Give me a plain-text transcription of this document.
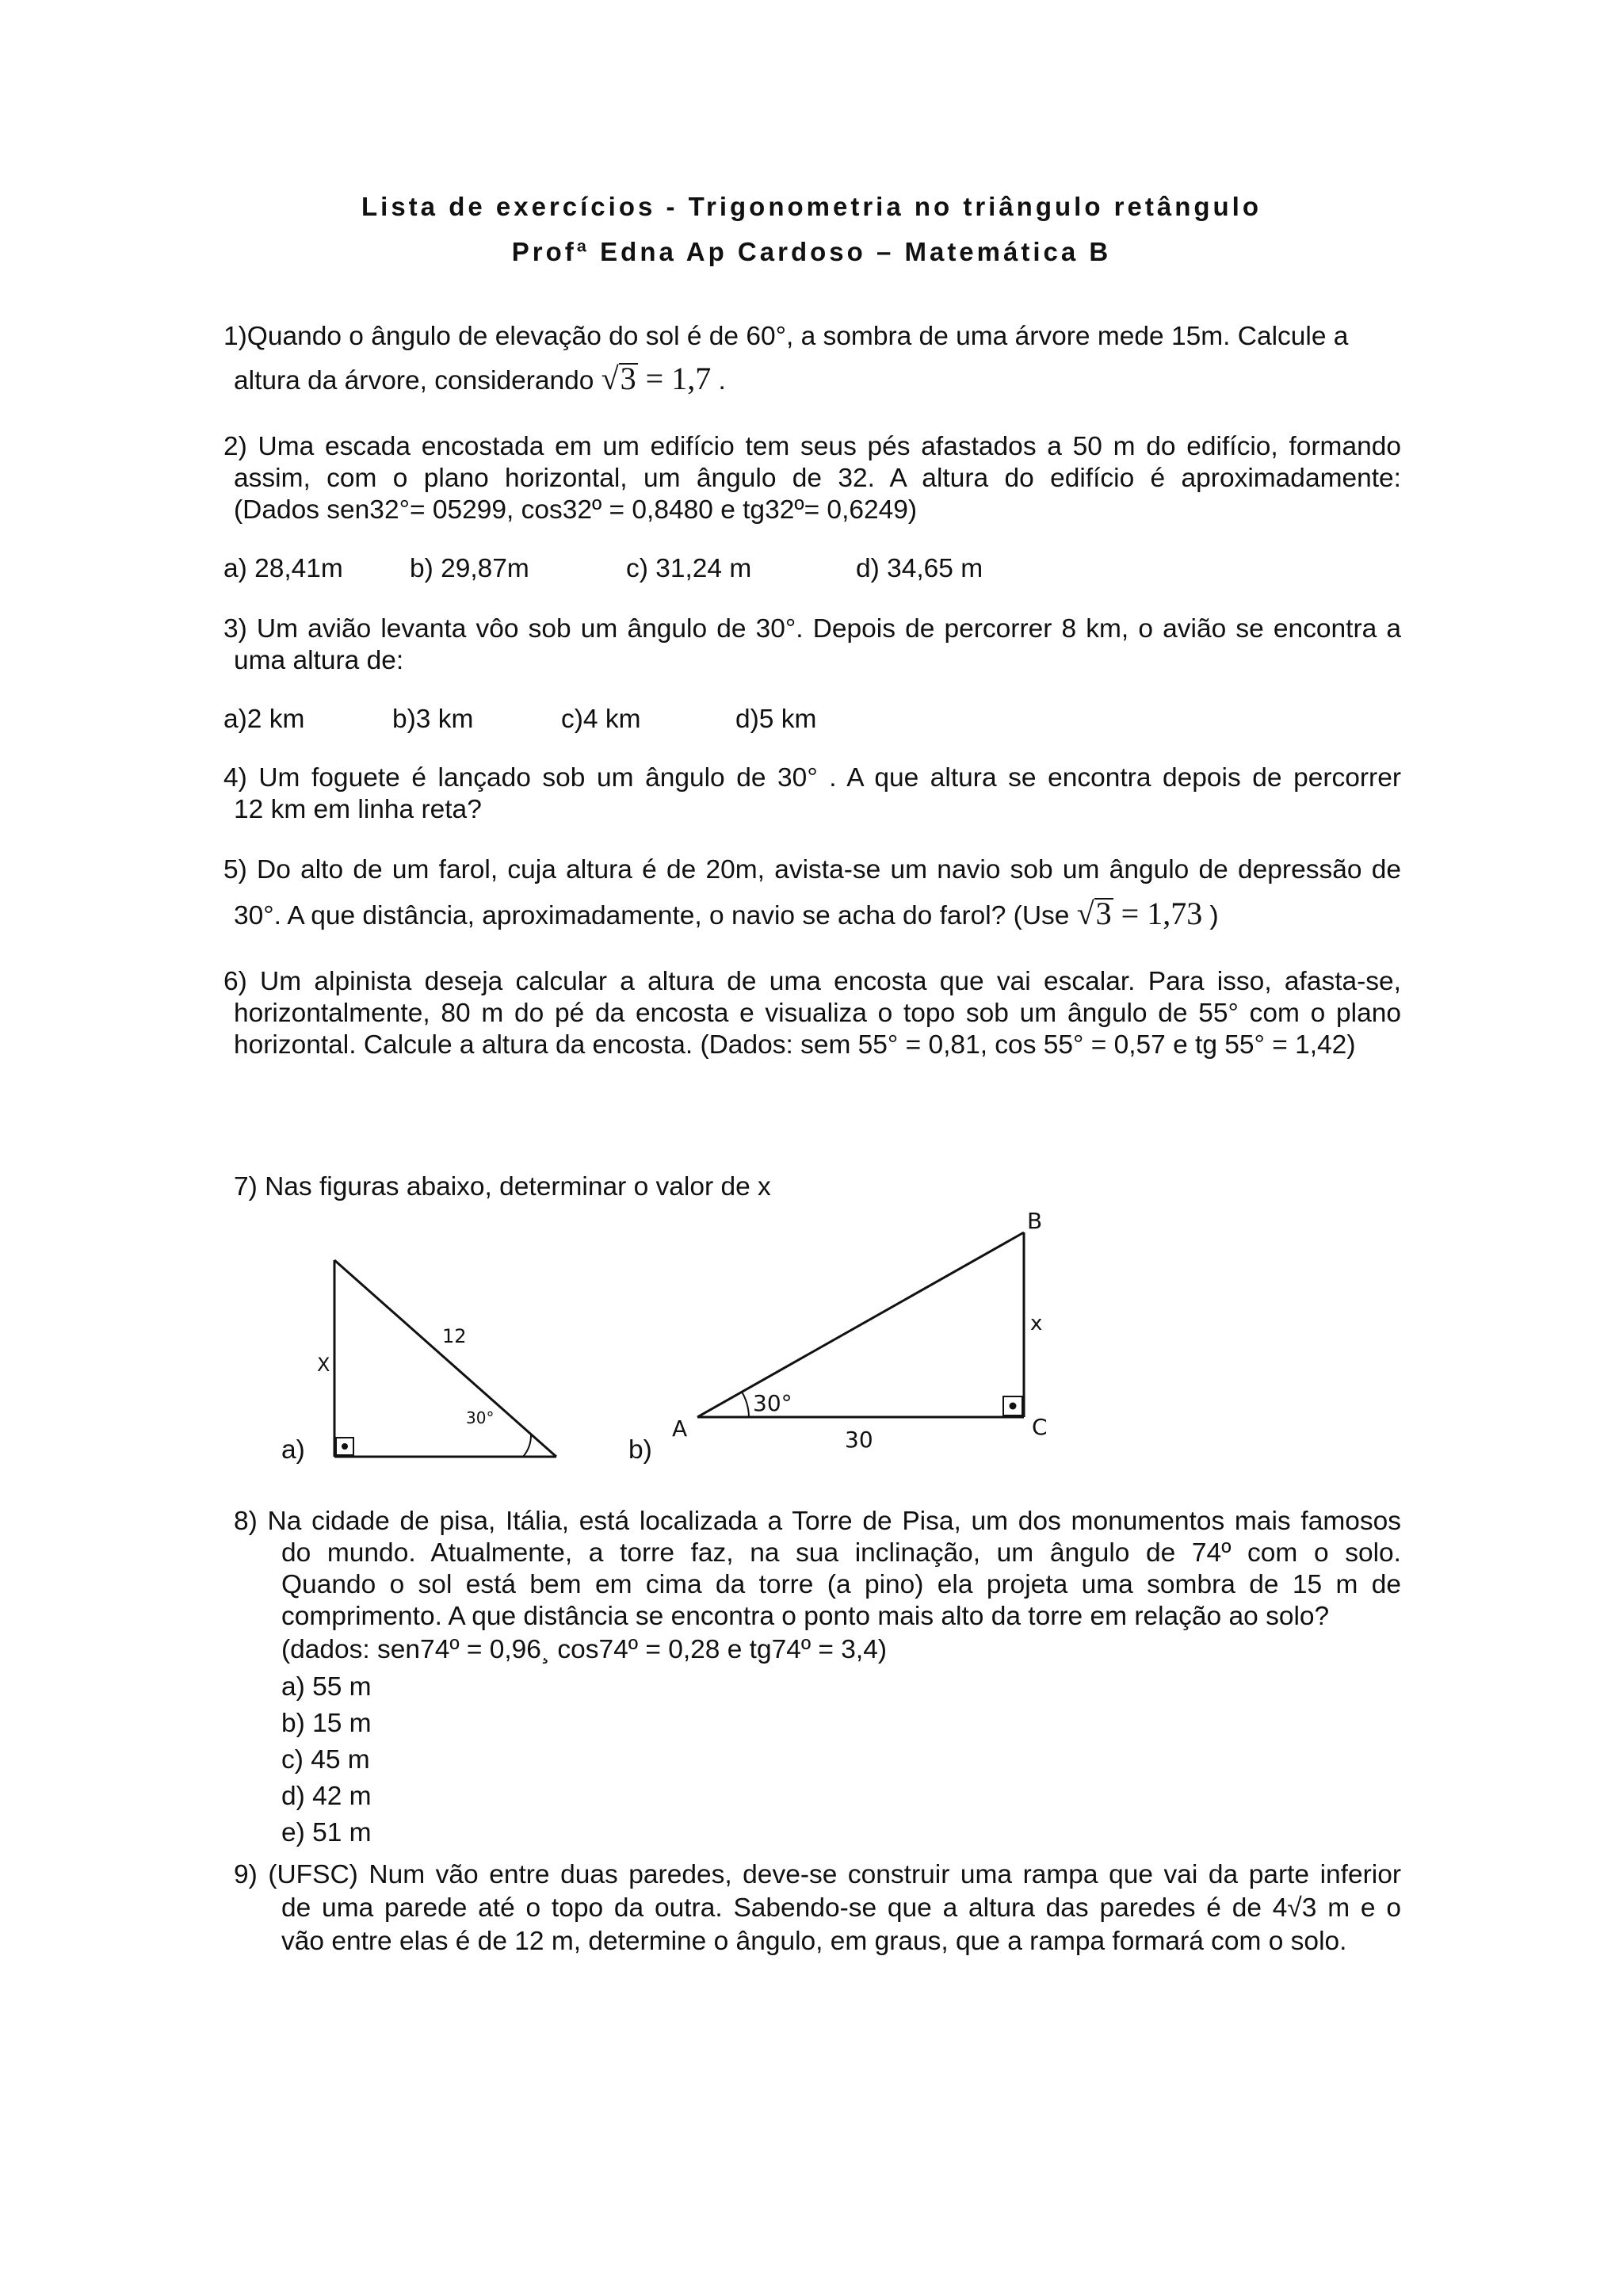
Lista de exercícios - Trigonometria no triângulo retângulo
Profª Edna Ap Cardoso – Matemática B
1)Quando o ângulo de elevação do sol é de 60°, a sombra de uma árvore mede 15m. Calcule a
altura da árvore, considerando √3 = 1,7 .
2) Uma escada encostada em um edifício tem seus pés afastados a 50 m do edifício, formando
assim, com o plano horizontal, um ângulo de 32. A altura do edifício é aproximadamente:
(Dados sen32°= 05299, cos32º = 0,8480 e tg32º= 0,6249)
a) 28,41m	b) 29,87m	c) 31,24 m	d) 34,65 m
3) Um avião levanta vôo sob um ângulo de 30°. Depois de percorrer 8 km, o avião se encontra a
uma altura de:
a)2 km	b)3 km	c)4 km	d)5 km
4) Um foguete é lançado sob um ângulo de 30° . A que altura se encontra depois de percorrer
12 km em linha reta?
5) Do alto de um farol, cuja altura é de 20m, avista-se um navio sob um ângulo de depressão de
30°. A que distância, aproximadamente, o navio se acha do farol? (Use √3 = 1,73 )
6) Um alpinista deseja calcular a altura de uma encosta que vai escalar. Para isso, afasta-se,
horizontalmente, 80 m do pé da encosta e visualiza o topo sob um ângulo de 55° com o plano
horizontal. Calcule a altura da encosta. (Dados: sem 55° = 0,81, cos 55° = 0,57 e tg 55° = 1,42)
7) Nas figuras abaixo, determinar o valor de x
X
12
30°
a)
A
B
C
x
30
30°
b)
8) Na cidade de pisa, Itália, está localizada a Torre de Pisa, um dos monumentos mais famosos
do mundo. Atualmente, a torre faz, na sua inclinação, um ângulo de 74º com o solo.
Quando o sol está bem em cima da torre (a pino) ela projeta uma sombra de 15 m de
comprimento. A que distância se encontra o ponto mais alto da torre em relação ao solo?
(dados: sen74º = 0,96¸ cos74º = 0,28 e tg74º = 3,4)
a) 55 m
b) 15 m
c) 45 m
d) 42 m
e) 51 m
9) (UFSC) Num vão entre duas paredes, deve-se construir uma rampa que vai da parte inferior
de uma parede até o topo da outra. Sabendo-se que a altura das paredes é de 4√3 m e o
vão entre elas é de 12 m, determine o ângulo, em graus, que a rampa formará com o solo.
